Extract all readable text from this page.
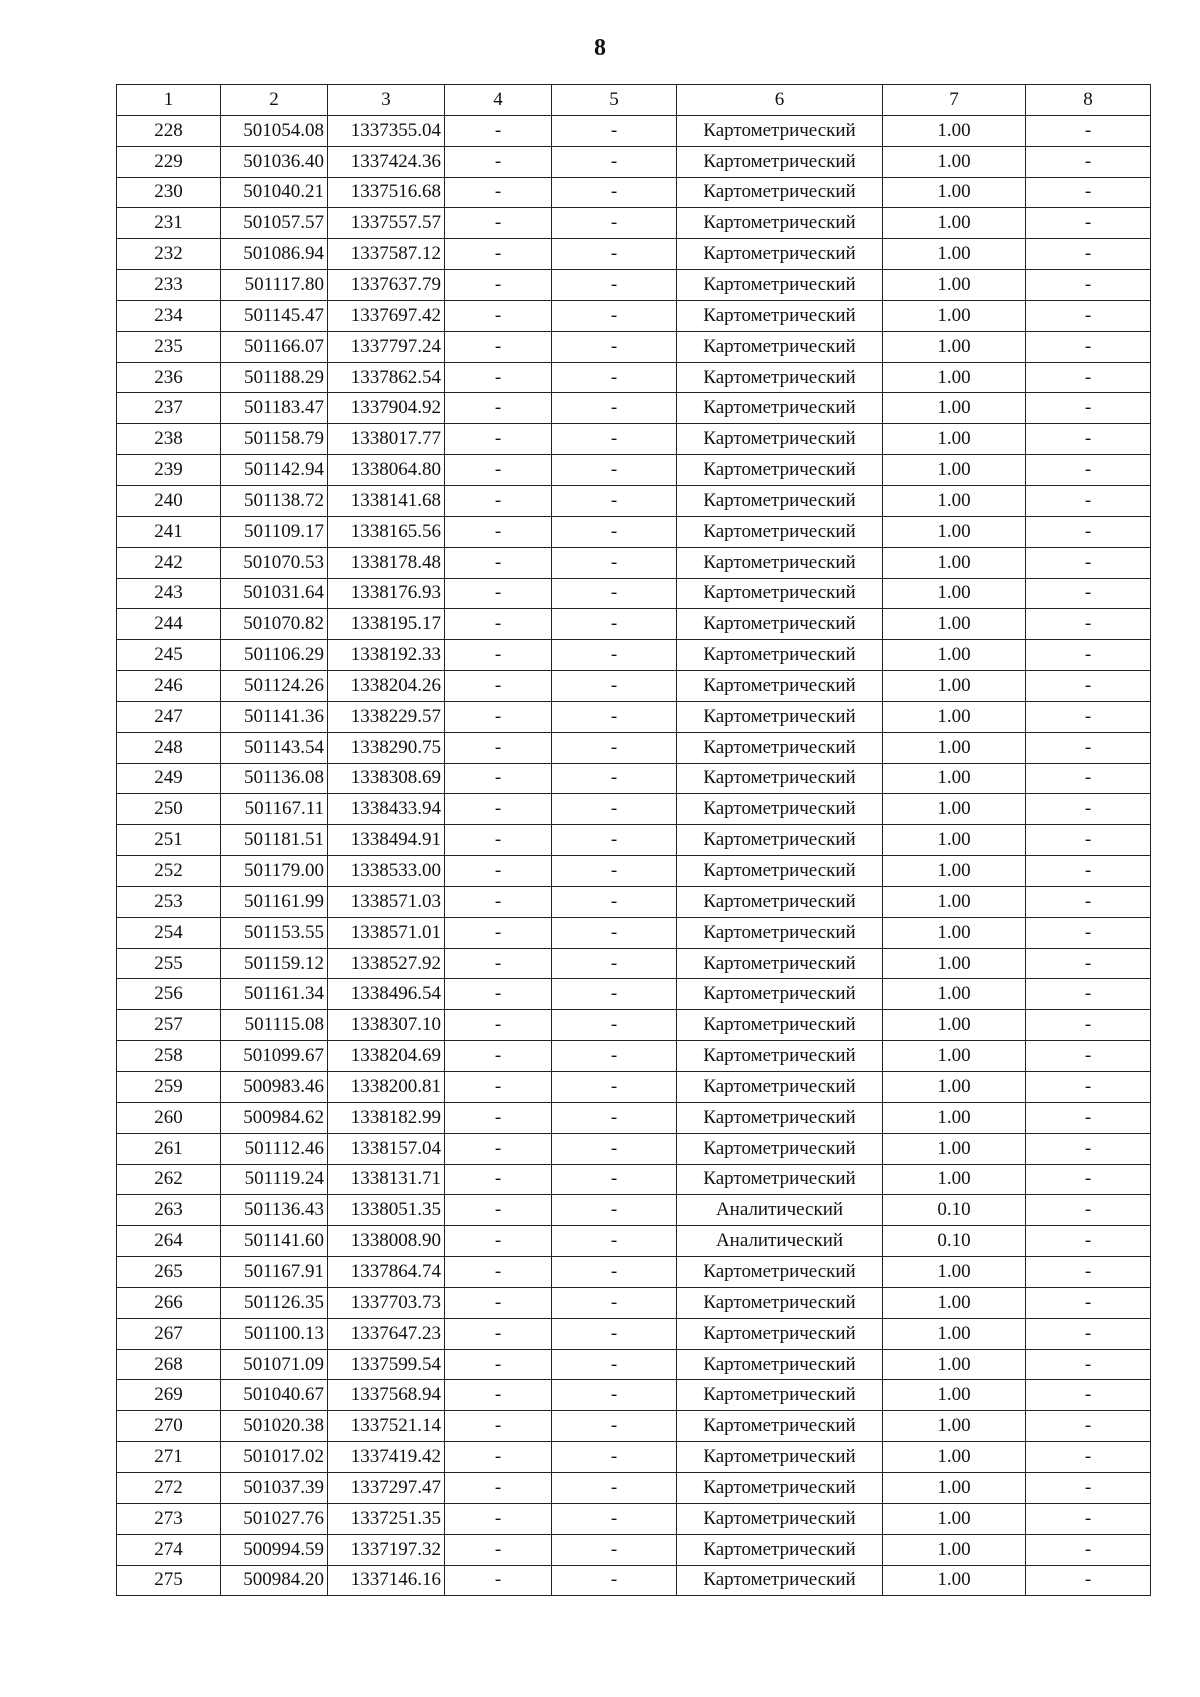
8
1	2	3	4	5	6	7	8
228	501054.08	1337355.04	-	-	Картометрический	1.00	-
229	501036.40	1337424.36	-	-	Картометрический	1.00	-
230	501040.21	1337516.68	-	-	Картометрический	1.00	-
231	501057.57	1337557.57	-	-	Картометрический	1.00	-
232	501086.94	1337587.12	-	-	Картометрический	1.00	-
233	501117.80	1337637.79	-	-	Картометрический	1.00	-
234	501145.47	1337697.42	-	-	Картометрический	1.00	-
235	501166.07	1337797.24	-	-	Картометрический	1.00	-
236	501188.29	1337862.54	-	-	Картометрический	1.00	-
237	501183.47	1337904.92	-	-	Картометрический	1.00	-
238	501158.79	1338017.77	-	-	Картометрический	1.00	-
239	501142.94	1338064.80	-	-	Картометрический	1.00	-
240	501138.72	1338141.68	-	-	Картометрический	1.00	-
241	501109.17	1338165.56	-	-	Картометрический	1.00	-
242	501070.53	1338178.48	-	-	Картометрический	1.00	-
243	501031.64	1338176.93	-	-	Картометрический	1.00	-
244	501070.82	1338195.17	-	-	Картометрический	1.00	-
245	501106.29	1338192.33	-	-	Картометрический	1.00	-
246	501124.26	1338204.26	-	-	Картометрический	1.00	-
247	501141.36	1338229.57	-	-	Картометрический	1.00	-
248	501143.54	1338290.75	-	-	Картометрический	1.00	-
249	501136.08	1338308.69	-	-	Картометрический	1.00	-
250	501167.11	1338433.94	-	-	Картометрический	1.00	-
251	501181.51	1338494.91	-	-	Картометрический	1.00	-
252	501179.00	1338533.00	-	-	Картометрический	1.00	-
253	501161.99	1338571.03	-	-	Картометрический	1.00	-
254	501153.55	1338571.01	-	-	Картометрический	1.00	-
255	501159.12	1338527.92	-	-	Картометрический	1.00	-
256	501161.34	1338496.54	-	-	Картометрический	1.00	-
257	501115.08	1338307.10	-	-	Картометрический	1.00	-
258	501099.67	1338204.69	-	-	Картометрический	1.00	-
259	500983.46	1338200.81	-	-	Картометрический	1.00	-
260	500984.62	1338182.99	-	-	Картометрический	1.00	-
261	501112.46	1338157.04	-	-	Картометрический	1.00	-
262	501119.24	1338131.71	-	-	Картометрический	1.00	-
263	501136.43	1338051.35	-	-	Аналитический	0.10	-
264	501141.60	1338008.90	-	-	Аналитический	0.10	-
265	501167.91	1337864.74	-	-	Картометрический	1.00	-
266	501126.35	1337703.73	-	-	Картометрический	1.00	-
267	501100.13	1337647.23	-	-	Картометрический	1.00	-
268	501071.09	1337599.54	-	-	Картометрический	1.00	-
269	501040.67	1337568.94	-	-	Картометрический	1.00	-
270	501020.38	1337521.14	-	-	Картометрический	1.00	-
271	501017.02	1337419.42	-	-	Картометрический	1.00	-
272	501037.39	1337297.47	-	-	Картометрический	1.00	-
273	501027.76	1337251.35	-	-	Картометрический	1.00	-
274	500994.59	1337197.32	-	-	Картометрический	1.00	-
275	500984.20	1337146.16	-	-	Картометрический	1.00	-
